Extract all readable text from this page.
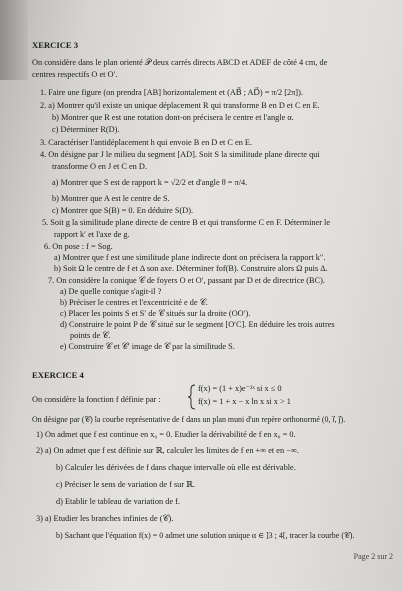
XERCICE 3
On considère dans le plan orienté 𝒫 deux carrés directs ABCD et ADEF de côté 4 cm, de
centres respectifs O et O′.
1. Faire une figure (on prendra [AB] horizontalement et (AB⃗ ; AD⃗) = π/2 [2π]).
2. a) Montrer qu'il existe un unique déplacement R qui transforme B en D et C en E.
b) Montrer que R est une rotation dont-on précisera le centre et l'angle α.
c) Déterminer R(D).
3. Caractériser l'antidéplacement h qui envoie B en D et C en E.
4. On désigne par J le milieu du segment [AD]. Soit S la similitude plane directe qui
transforme O en J et C en D.
a) Montrer que S est de rapport k = √2/2 et d'angle θ = π/4.
b) Montrer que A est le centre de S.
c) Montrer que S(B) = 0. En déduire S(D).
5. Soit g la similitude plane directe de centre B et qui transforme C en F. Déterminer le
rapport k′ et l'axe de g.
6. On pose : f = Sog.
a) Montrer que f est une similitude plane indirecte dont on précisera la rapport k″.
b) Soit Ω le centre de f et Δ son axe. Déterminer fof(B). Construire alors Ω puis Δ.
7. On considère la conique 𝒞 de foyers O et O′, passant par D et de directrice (BC).
a) De quelle conique s'agit-il ?
b) Préciser le centres et l'excentricité e de 𝒞.
c) Placer les points S et S′ de 𝒞 situés sur la droite (OO′).
d) Construire le point P de 𝒞 situé sur le segment [O′C]. En déduire les trois autres
points de 𝒞.
e) Construire 𝒞 et 𝒞′ image de 𝒞 par la similitude S.
EXERCICE 4
On considère la fonction f définie par :
f(x) = (1 + x)e⁻²ˣ si x ≤ 0
f(x) = 1 + x − x ln x si x > 1
On désigne par (𝒞) la courbe représentative de f dans un plan muni d'un repère orthonormé (0, i⃗, j⃗).
1) On admet que f est continue en x₀ = 0. Etudier la dérivabilité de f en x₀ = 0.
2) a) On admet que f est définie sur ℝ, calculer les limites de f en +∞ et en −∞.
b) Calculer les dérivées de f dans chaque intervalle où elle est dérivable.
c) Préciser le sens de variation de f sur ℝ.
d) Etablir le tableau de variation de f.
3) a) Etudier les branches infinies de (𝒞).
b) Sachant que l'équation f(x) = 0 admet une solution unique α ∈ ]3 ; 4[, tracer la courbe (𝒞).
Page 2 sur 2
